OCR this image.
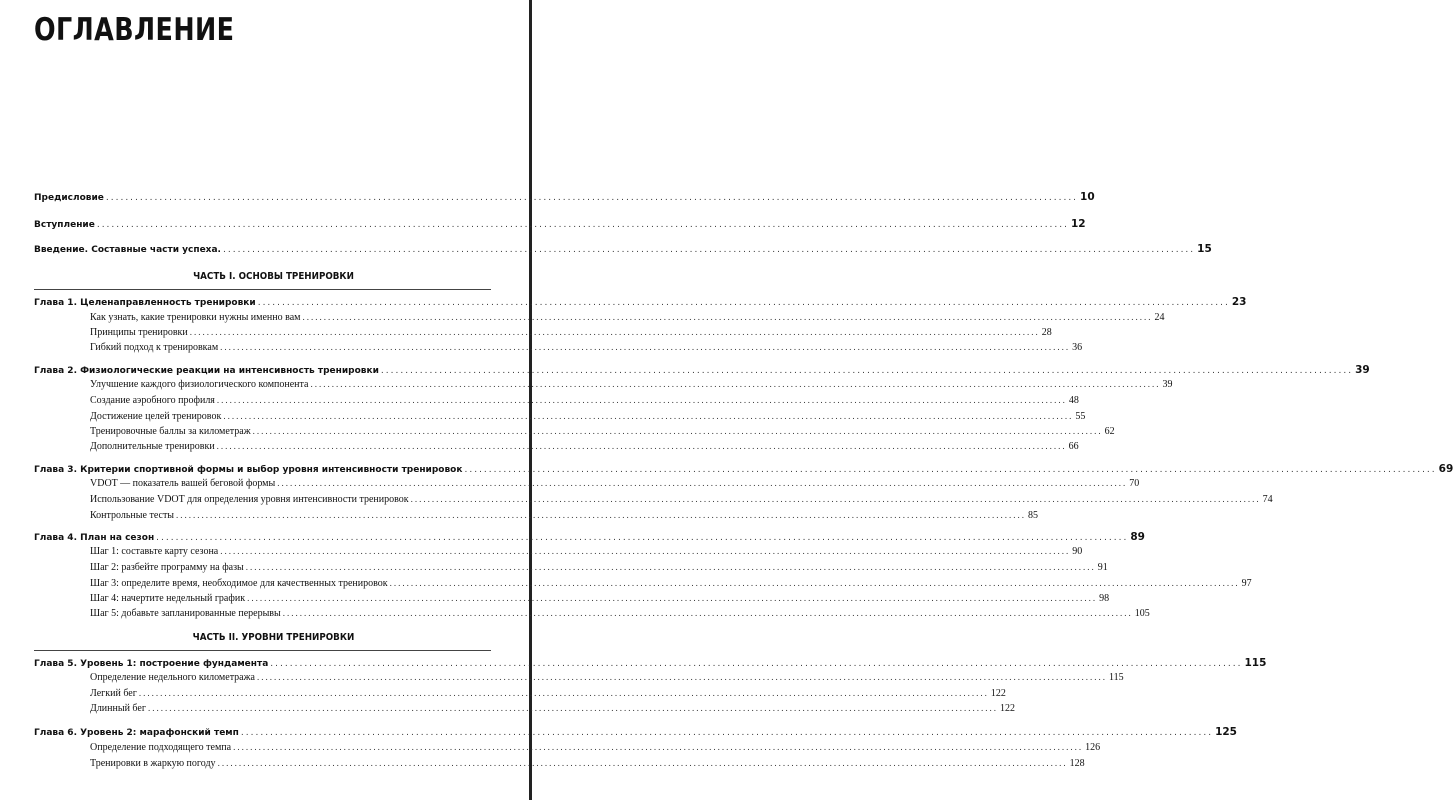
ОГЛАВЛЕНИЕ
Предисловие ........................................................................................................................................................................................................ 10
Вступление ........................................................................................................................................................................................................ 12
Введение. Составные части успеха. ........................................................................................................................................................................................................ 15
ЧАСТЬ I. ОСНОВЫ ТРЕНИРОВКИ
Глава 1. Целенаправленность тренировки ........................................................................................................................................................................................................ 23
Как узнать, какие тренировки нужны именно вам ........................................................................................................................................................................................................ 24
Принципы тренировки ........................................................................................................................................................................................................ 28
Гибкий подход к тренировкам ........................................................................................................................................................................................................ 36
Глава 2. Физиологические реакции на интенсивность тренировки ........................................................................................................................................................................................................ 39
Улучшение каждого физиологического компонента ........................................................................................................................................................................................................ 39
Создание аэробного профиля ........................................................................................................................................................................................................ 48
Достижение целей тренировок ........................................................................................................................................................................................................ 55
Тренировочные баллы за километраж ........................................................................................................................................................................................................ 62
Дополнительные тренировки ........................................................................................................................................................................................................ 66
Глава 3. Критерии спортивной формы и выбор уровня интенсивности тренировок ........................................................................................................................................................................................................ 69
VDOT — показатель вашей беговой формы ........................................................................................................................................................................................................ 70
Использование VDOT для определения уровня интенсивности тренировок ........................................................................................................................................................................................................ 74
Контрольные тесты ........................................................................................................................................................................................................ 85
Глава 4. План на сезон ........................................................................................................................................................................................................ 89
Шаг 1: составьте карту сезона ........................................................................................................................................................................................................ 90
Шаг 2: разбейте программу на фазы ........................................................................................................................................................................................................ 91
Шаг 3: определите время, необходимое для качественных тренировок ........................................................................................................................................................................................................ 97
Шаг 4: начертите недельный график ........................................................................................................................................................................................................ 98
Шаг 5: добавьте запланированные перерывы ........................................................................................................................................................................................................ 105
ЧАСТЬ II. УРОВНИ ТРЕНИРОВКИ
Глава 5. Уровень 1: построение фундамента ........................................................................................................................................................................................................ 115
Определение недельного километража ........................................................................................................................................................................................................ 115
Легкий бег ........................................................................................................................................................................................................ 122
Длинный бег ........................................................................................................................................................................................................ 122
Глава 6. Уровень 2: марафонский темп ........................................................................................................................................................................................................ 125
Определение подходящего темпа ........................................................................................................................................................................................................ 126
Тренировки в жаркую погоду ........................................................................................................................................................................................................ 128
